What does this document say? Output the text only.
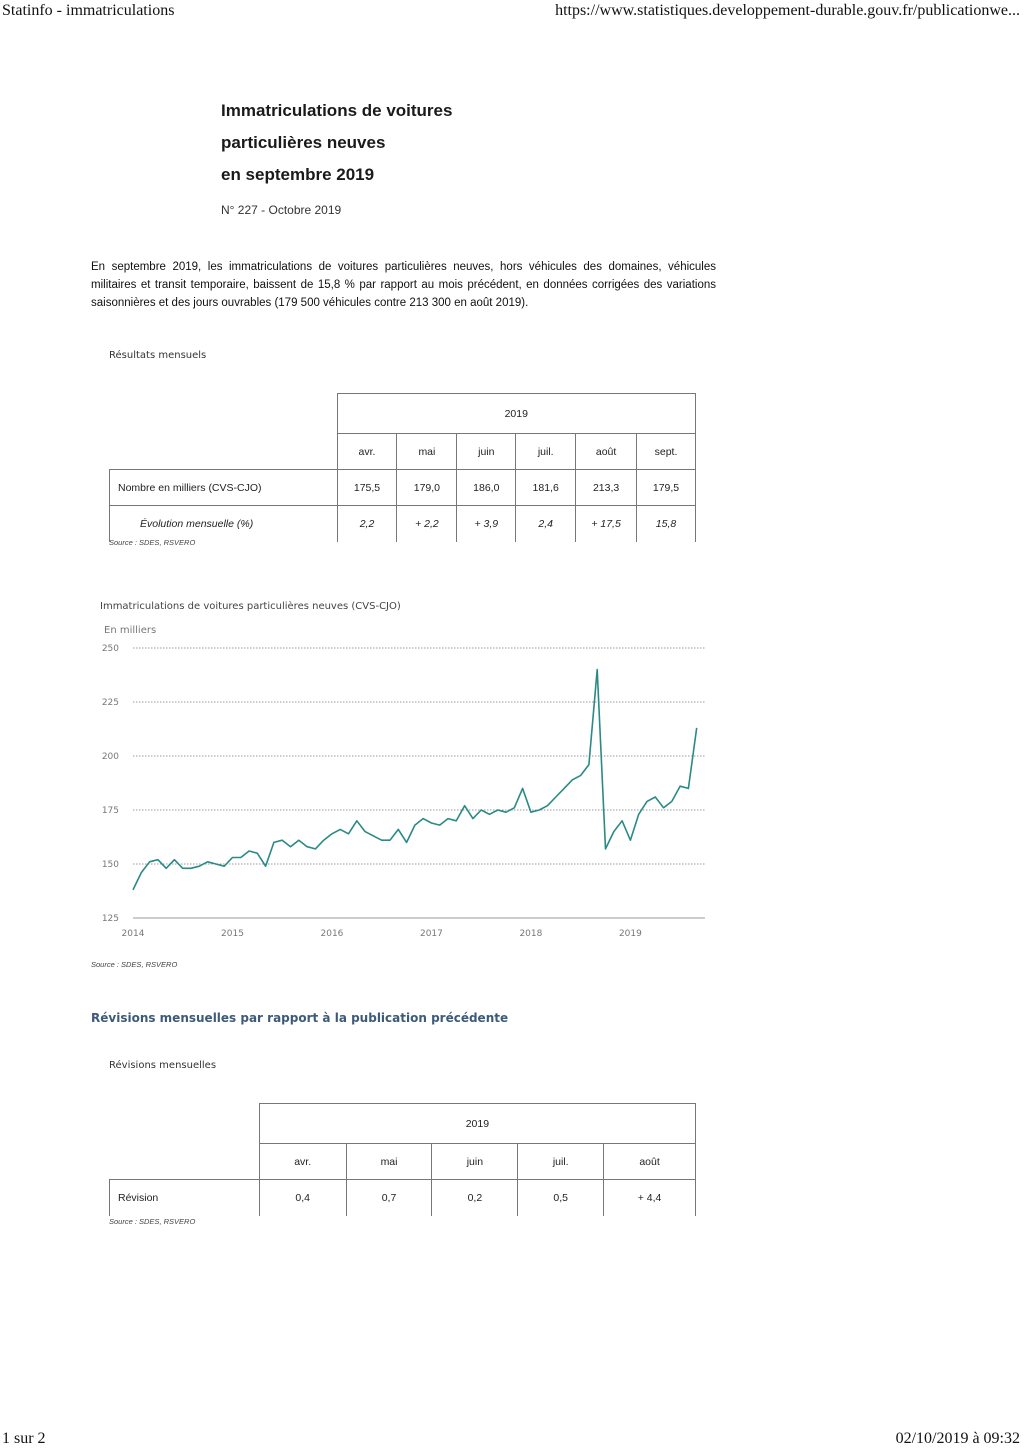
Statinfo - immatriculations	https://www.statistiques.developpement-durable.gouv.fr/publicationwe...
1 sur 2	02/10/2019 à 09:32
Immatriculations de voitures
particulières neuves
en septembre 2019
N° 227 - Octobre 2019

En septembre 2019, les immatriculations de voitures particulières neuves, hors véhicules des domaines, véhicules militaires et transit temporaire, baissent de 15,8 % par rapport au mois précédent, en données corrigées des variations saisonnières et des jours ouvrables (179 500 véhicules contre 213 300 en août 2019).

Résultats mensuels
	2019					
	avr.	mai	juin	juil.	août	sept.
Nombre en milliers (CVS-CJO)	175,5	179,0	186,0	181,6	213,3	179,5
Évolution mensuelle (%)	2,2	+ 2,2	+ 3,9	2,4	+ 17,5	15,8
Source : SDES, RSVERO
Immatriculations de voitures particulières neuves (CVS-CJO)
En milliers
125
150
175
200
225
250
2014	2015	2016	2017	2018	2019
Source : SDES, RSVERO
Révisions mensuelles par rapport à la publication précédente
Révisions mensuelles
	2019				
	avr.	mai	juin	juil.	août
Révision	0,4	0,7	0,2	0,5	+ 4,4
Source : SDES, RSVERO
